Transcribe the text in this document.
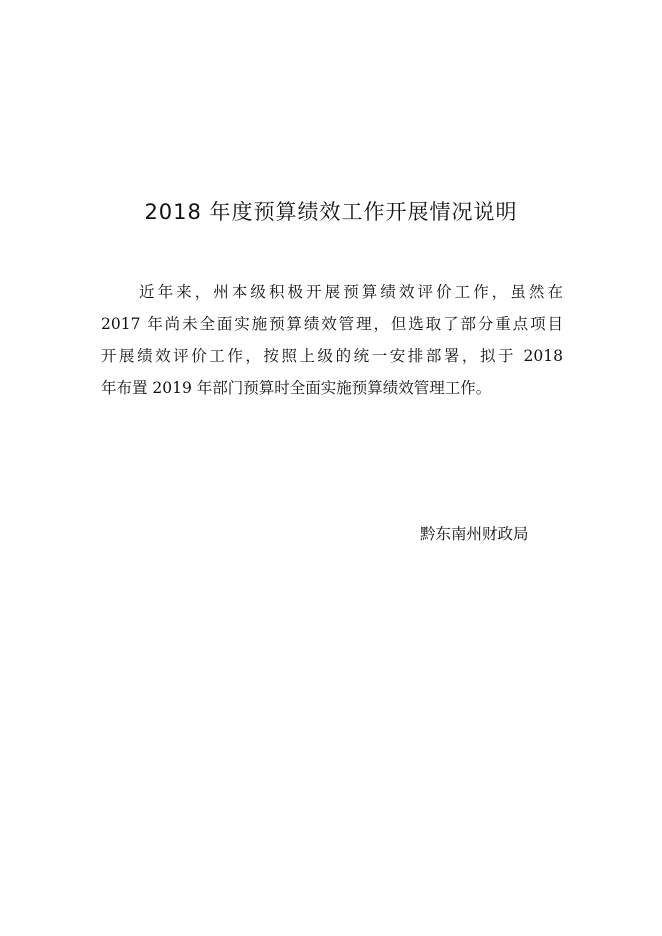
2018 年度预算绩效工作开展情况说明
近年来，州本级积极开展预算绩效评价工作，虽然在
2017 年尚未全面实施预算绩效管理，但选取了部分重点项目
开展绩效评价工作，按照上级的统一安排部署，拟于 2018
年布置 2019 年部门预算时全面实施预算绩效管理工作。
黔东南州财政局
